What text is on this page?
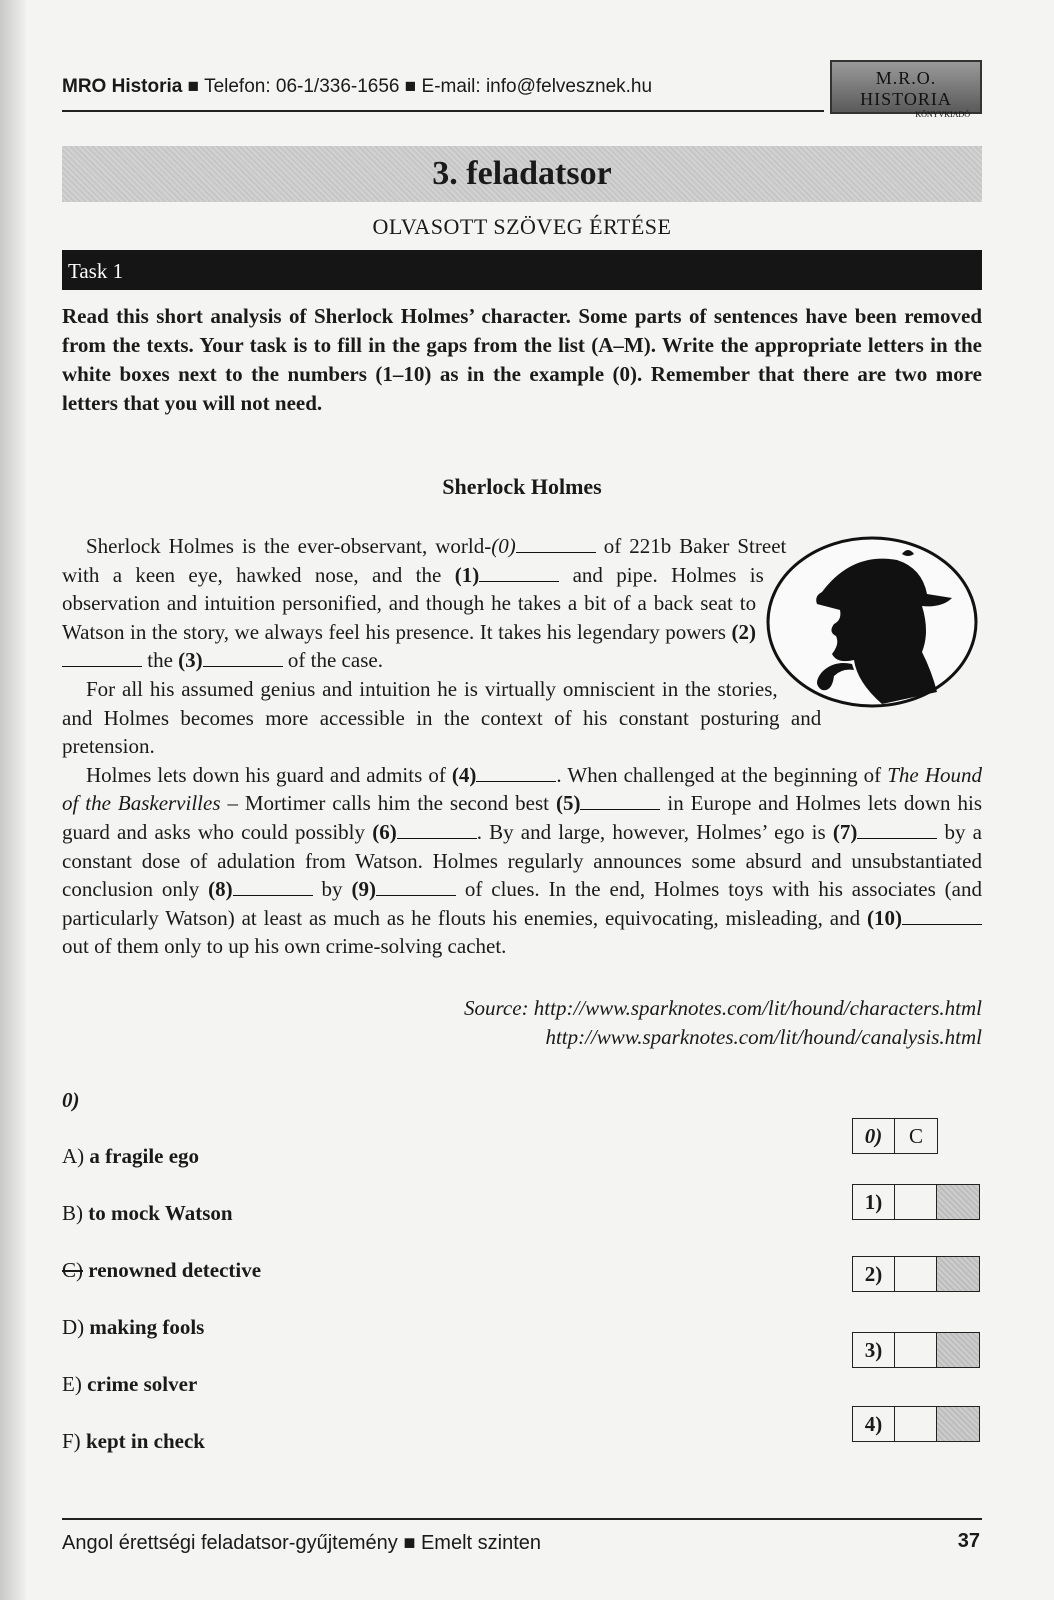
MRO Historia ■ Telefon: 06-1/336-1656 ■ E-mail: info@felvesznek.hu	M.R.O. HISTORIA
KÖNYVKIADÓ
3. feladatsor
OLVASOTT SZÖVEG ÉRTÉSE
Task 1
Read this short analysis of Sherlock Holmes’ character. Some parts of sentences have been removed from the texts. Your task is to fill in the gaps from the list (A–M). Write the appropriate letters in the white boxes next to the numbers (1–10) as in the example (0). Remember that there are two more letters that you will not need.
Sherlock Holmes

Sherlock Holmes is the ever-observant, world-(0)	of 221b Baker Street with a keen eye, hawked nose, and the (1)	and pipe. Holmes is observation and intuition personified, and though he takes a bit of a back seat to Watson in the story, we always feel his presence. It takes his legendary powers (2) the (3)	of the case.

For all his assumed genius and intuition he is virtually omniscient in the stories, and Holmes becomes more accessible in the context of his constant posturing and pretension.

Holmes lets down his guard and admits of (4)	. When challenged at the beginning of The Hound of the Baskervilles – Mortimer calls him the second best (5)	in Europe and Holmes lets down his guard and asks who could possibly (6)	. By and large, however, Holmes’ ego is (7)	by a constant dose of adulation from Watson. Holmes regularly announces some absurd and unsubstantiated conclusion only (8)	by (9)	of clues. In the end, Holmes toys with his associates (and particularly Watson) at least as much as he flouts his enemies, equivocating, misleading, and (10) out of them only to up his own crime-solving cachet.

Source: http://www.sparknotes.com/lit/hound/characters.html
http://www.sparknotes.com/lit/hound/canalysis.html
0)
A) a fragile ego
B) to mock Watson
C) renowned detective
D) making fools
E) crime solver
F) kept in check
0)	C
1)
2)
3)
4)
Angol érettségi feladatsor-gyűjtemény ■ Emelt szinten	37
